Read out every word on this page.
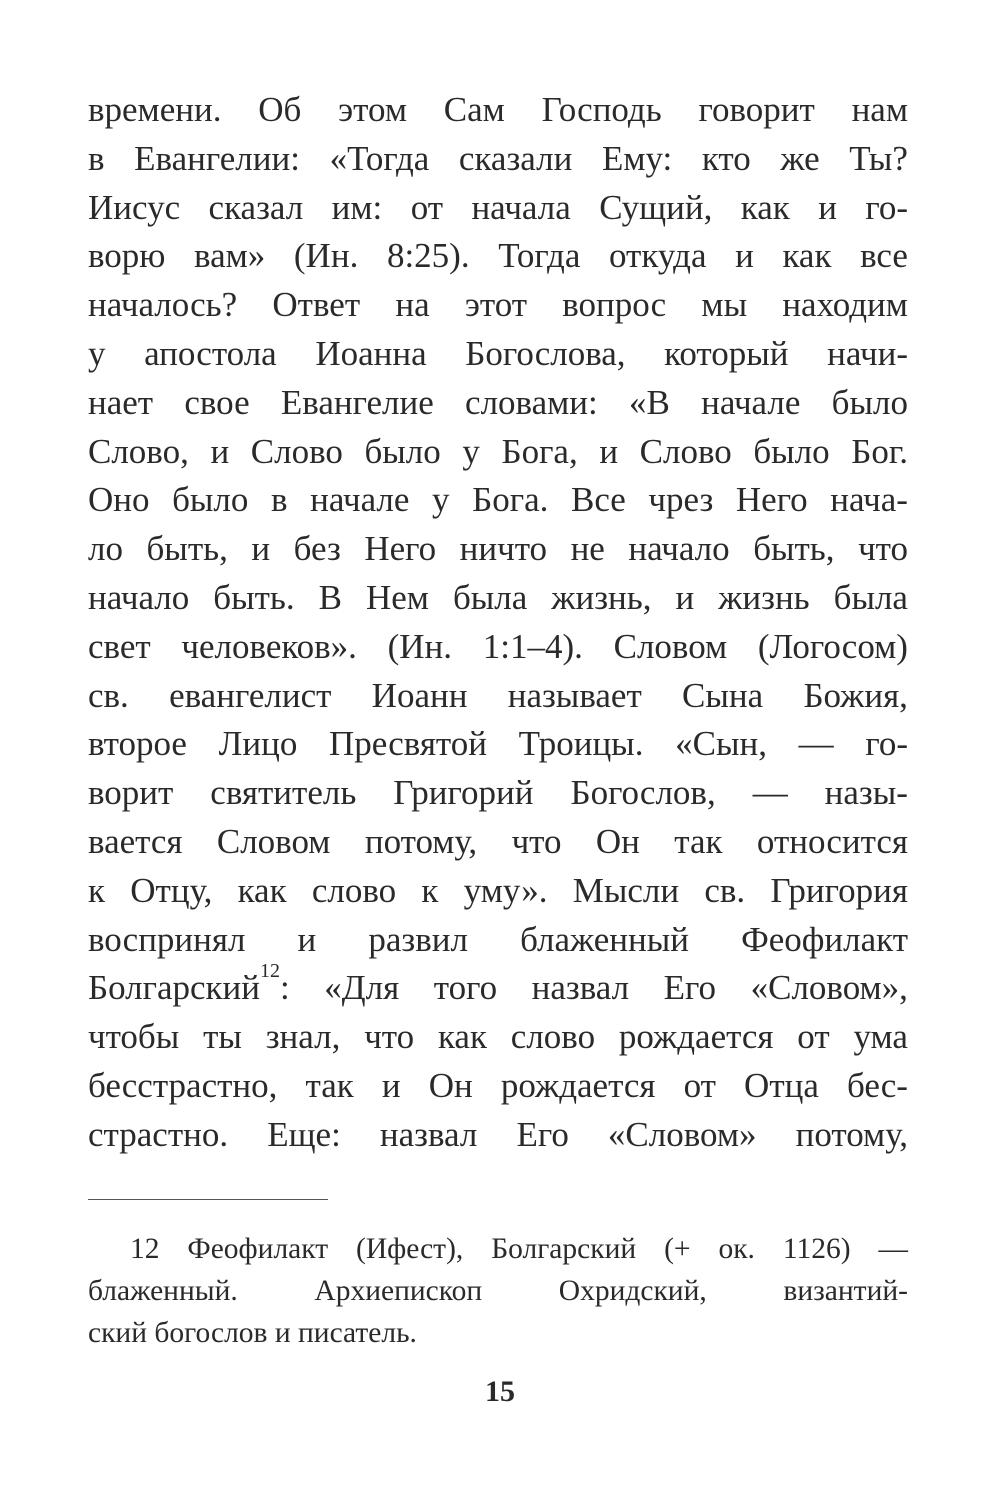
времени. Об этом Сам Господь говорит нам
в Евангелии: «Тогда сказали Ему: кто же Ты?
Иисус сказал им: от начала Сущий, как и го-
ворю вам» (Ин. 8:25). Тогда откуда и как все
началось? Ответ на этот вопрос мы находим
у апостола Иоанна Богослова, который начи-
нает свое Евангелие словами: «В начале было
Слово, и Слово было у Бога, и Слово было Бог.
Оно было в начале у Бога. Все чрез Него нача-
ло быть, и без Него ничто не начало быть, что
начало быть. В Нем была жизнь, и жизнь была
свет человеков». (Ин. 1:1–4). Словом (Логосом)
св. евангелист Иоанн называет Сына Божия,
второе Лицо Пресвятой Троицы. «Сын, — го-
ворит святитель Григорий Богослов, — назы-
вается Словом потому, что Он так относится
к Отцу, как слово к уму». Мысли св. Григория
воспринял и развил блаженный Феофилакт
Болгарский$^{12}$: «Для того назвал Его «Словом»,
чтобы ты знал, что как слово рождается от ума
бесстрастно, так и Он рождается от Отца бес-
страстно. Еще: назвал Его «Словом» потому,
12 Феофилакт (Ифест), Болгарский (+ ок. 1126) —
блаженный.	Архиепископ	Охридский,	византий-
ский богослов и писатель.
15
